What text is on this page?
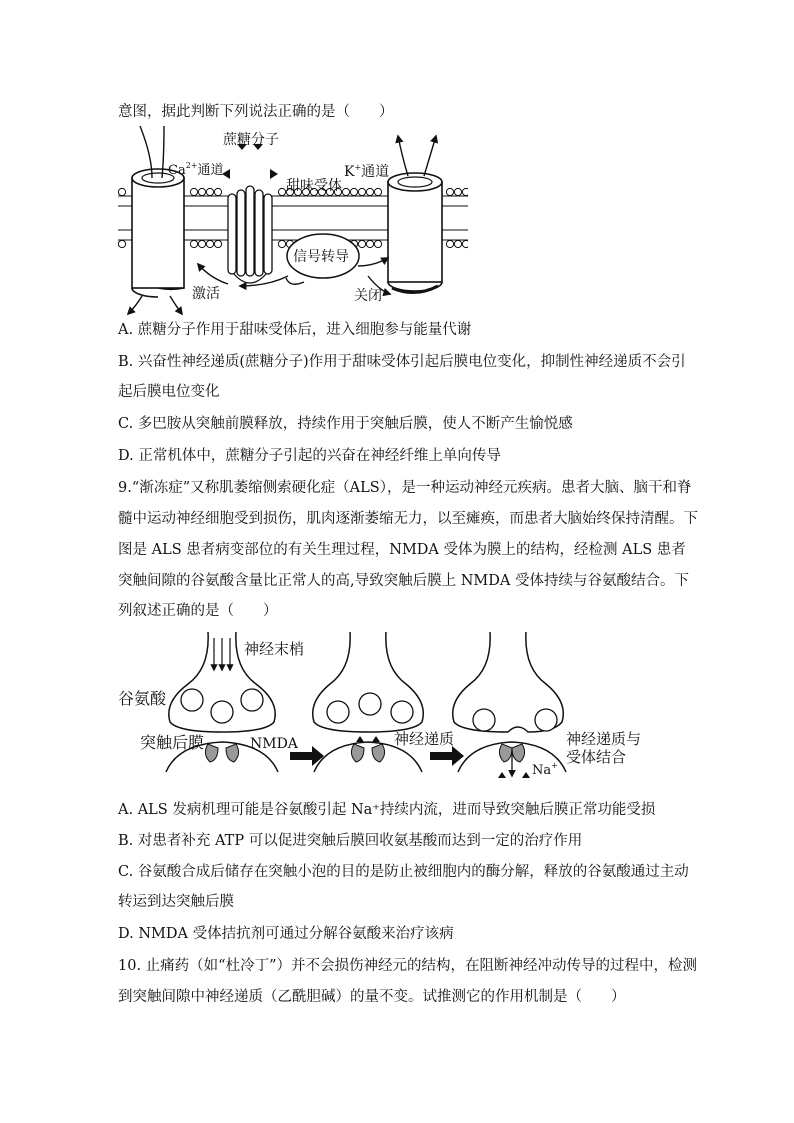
意图，据此判断下列说法正确的是（　　）
蔗糖分子
$Ca^{2+}$通道	K+通道
甜味受体
信号转导
激活	关闭
A. 蔗糖分子作用于甜味受体后，进入细胞参与能量代谢
B. 兴奋性神经递质(蔗糖分子)作用于甜味受体引起后膜电位变化，抑制性神经递质不会引
起后膜电位变化
C. 多巴胺从突触前膜释放，持续作用于突触后膜，使人不断产生愉悦感
D. 正常机体中，蔗糖分子引起的兴奋在神经纤维上单向传导
9.“渐冻症”又称肌萎缩侧索硬化症（ALS），是一种运动神经元疾病。患者大脑、脑干和脊
髓中运动神经细胞受到损伤，肌肉逐渐萎缩无力，以至瘫痪，而患者大脑始终保持清醒。下
图是 ALS 患者病变部位的有关生理过程，NMDA 受体为膜上的结构，经检测 ALS 患者
突触间隙的谷氨酸含量比正常人的高,导致突触后膜上 NMDA 受体持续与谷氨酸结合。下
列叙述正确的是（　　）
神经末梢
谷氨酸
突触后膜	NMDA	神经递质	神经递质与
受体结合
Na+
A. ALS 发病机理可能是谷氨酸引起 Na⁺持续内流，进而导致突触后膜正常功能受损
B. 对患者补充 ATP 可以促进突触后膜回收氨基酸而达到一定的治疗作用
C. 谷氨酸合成后储存在突触小泡的目的是防止被细胞内的酶分解，释放的谷氨酸通过主动
转运到达突触后膜
D. NMDA 受体拮抗剂可通过分解谷氨酸来治疗该病
10. 止痛药（如“杜冷丁”）并不会损伤神经元的结构，在阻断神经冲动传导的过程中，检测
到突触间隙中神经递质（乙酰胆碱）的量不变。试推测它的作用机制是（　　）
